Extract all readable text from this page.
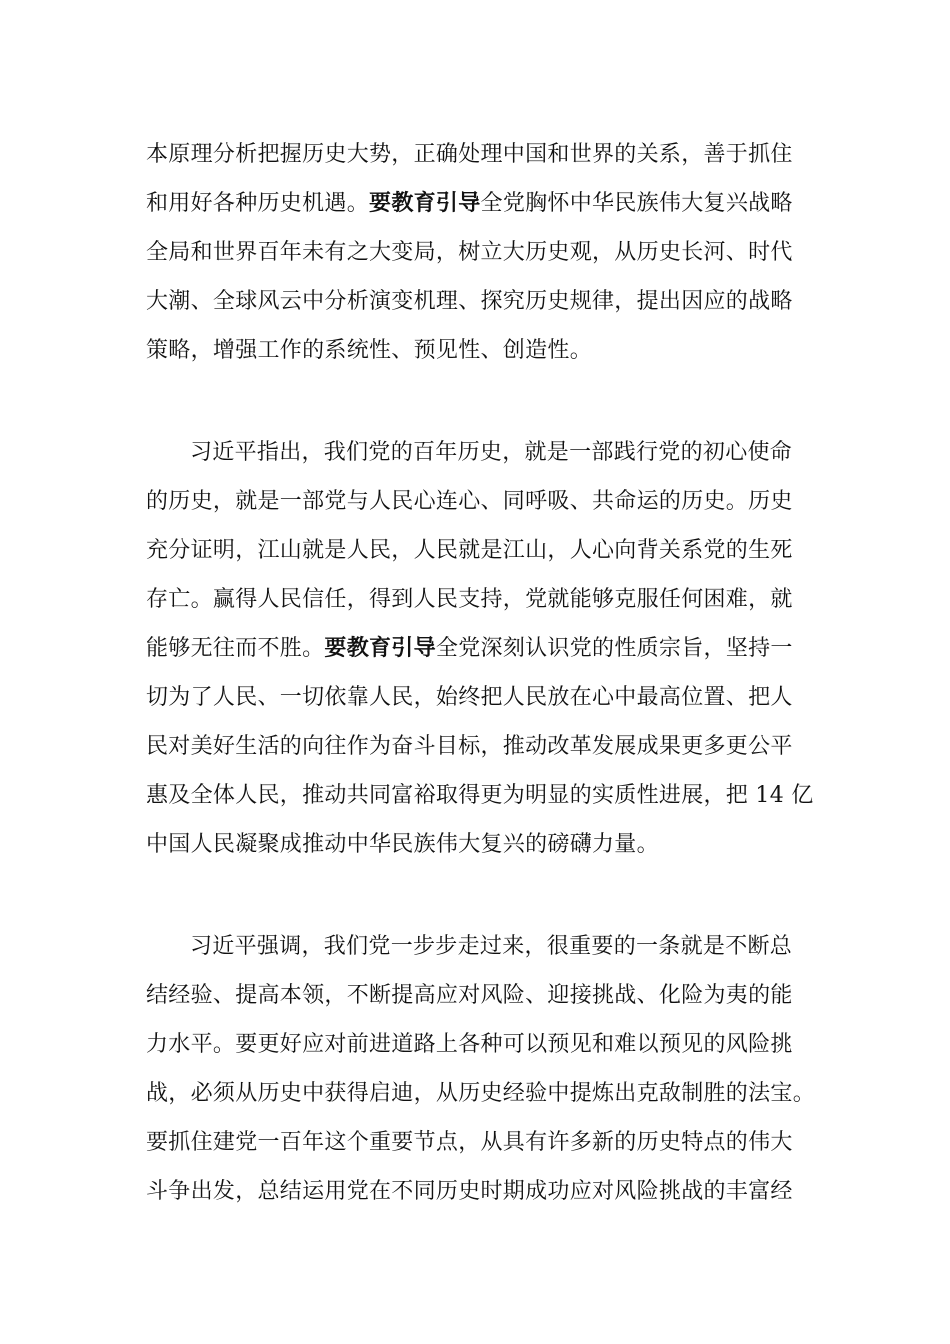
本原理分析把握历史大势，正确处理中国和世界的关系，善于抓住
和用好各种历史机遇。要教育引导全党胸怀中华民族伟大复兴战略
全局和世界百年未有之大变局，树立大历史观，从历史长河、时代
大潮、全球风云中分析演变机理、探究历史规律，提出因应的战略
策略，增强工作的系统性、预见性、创造性。
习近平指出，我们党的百年历史，就是一部践行党的初心使命
的历史，就是一部党与人民心连心、同呼吸、共命运的历史。历史
充分证明，江山就是人民，人民就是江山，人心向背关系党的生死
存亡。赢得人民信任，得到人民支持，党就能够克服任何困难，就
能够无往而不胜。要教育引导全党深刻认识党的性质宗旨，坚持一
切为了人民、一切依靠人民，始终把人民放在心中最高位置、把人
民对美好生活的向往作为奋斗目标，推动改革发展成果更多更公平
惠及全体人民，推动共同富裕取得更为明显的实质性进展，把 14 亿
中国人民凝聚成推动中华民族伟大复兴的磅礴力量。
习近平强调，我们党一步步走过来，很重要的一条就是不断总
结经验、提高本领，不断提高应对风险、迎接挑战、化险为夷的能
力水平。要更好应对前进道路上各种可以预见和难以预见的风险挑
战，必须从历史中获得启迪，从历史经验中提炼出克敌制胜的法宝。
要抓住建党一百年这个重要节点，从具有许多新的历史特点的伟大
斗争出发，总结运用党在不同历史时期成功应对风险挑战的丰富经
